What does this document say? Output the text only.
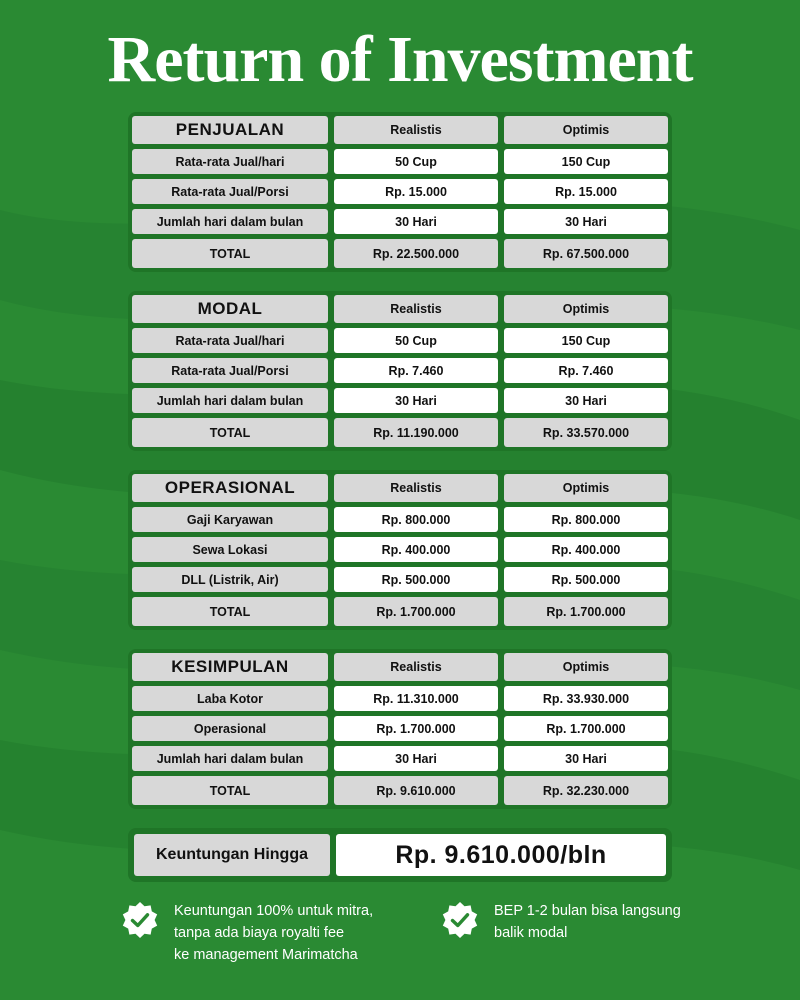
Return of Investment
PENJUALAN	Realistis	Optimis
Rata-rata Jual/hari	50 Cup	150 Cup
Rata-rata Jual/Porsi	Rp. 15.000	Rp. 15.000
Jumlah hari dalam bulan	30 Hari	30 Hari
TOTAL	Rp. 22.500.000	Rp. 67.500.000
MODAL	Realistis	Optimis
Rata-rata Jual/hari	50 Cup	150 Cup
Rata-rata Jual/Porsi	Rp. 7.460	Rp. 7.460
Jumlah hari dalam bulan	30 Hari	30 Hari
TOTAL	Rp. 11.190.000	Rp. 33.570.000
OPERASIONAL	Realistis	Optimis
Gaji Karyawan	Rp. 800.000	Rp. 800.000
Sewa Lokasi	Rp. 400.000	Rp. 400.000
DLL (Listrik, Air)	Rp. 500.000	Rp. 500.000
TOTAL	Rp. 1.700.000	Rp. 1.700.000
KESIMPULAN	Realistis	Optimis
Laba Kotor	Rp. 11.310.000	Rp. 33.930.000
Operasional	Rp. 1.700.000	Rp. 1.700.000
Jumlah hari dalam bulan	30 Hari	30 Hari
TOTAL	Rp. 9.610.000	Rp. 32.230.000
Keuntungan Hingga	Rp. 9.610.000/bln
Keuntungan 100% untuk mitra,
tanpa ada biaya royalti fee
ke management Marimatcha
BEP 1-2 bulan bisa langsung
balik modal
